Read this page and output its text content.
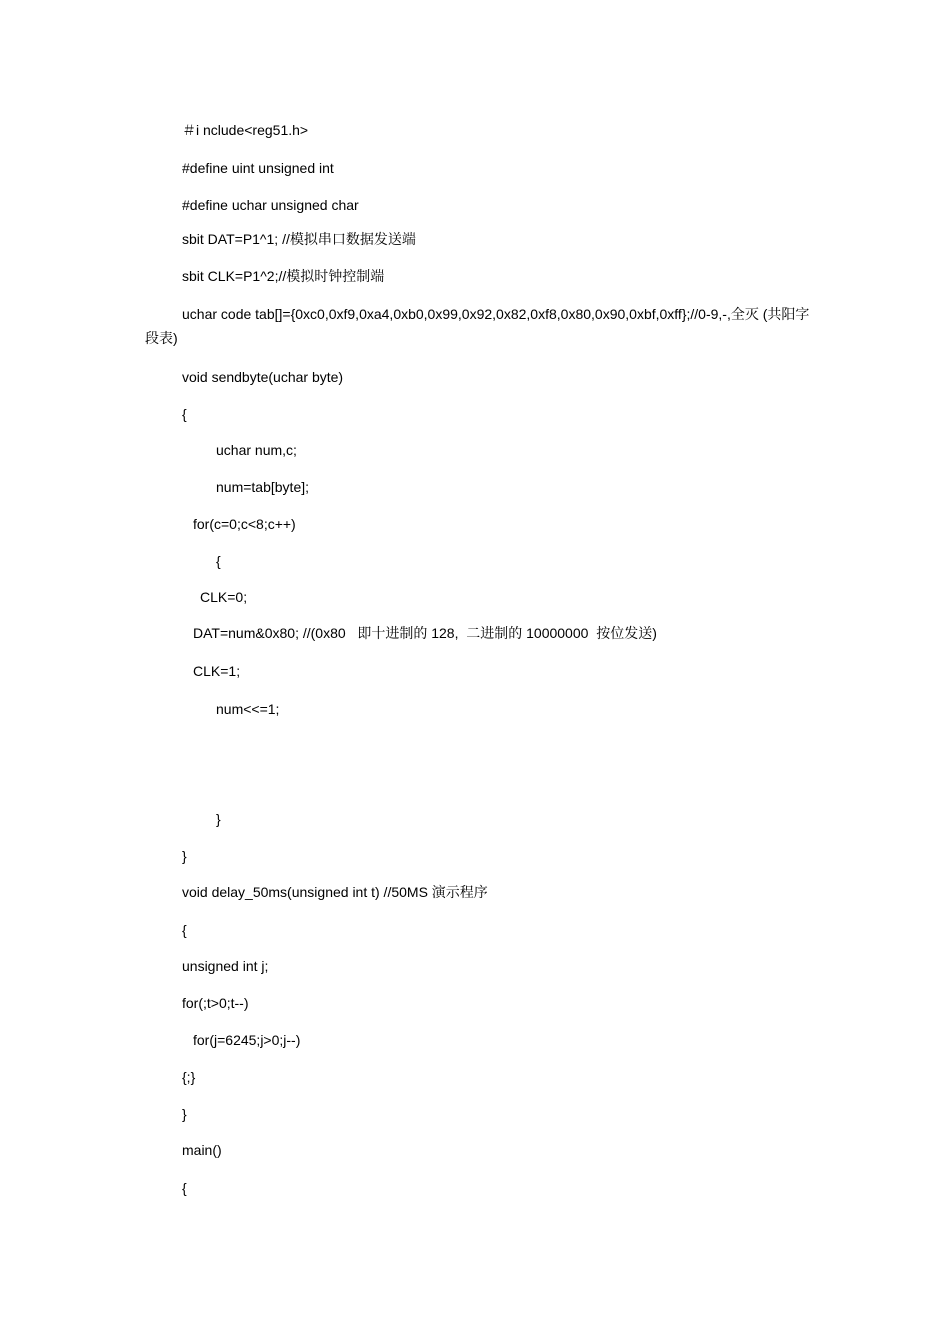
＃i nclude<reg51.h>

#define uint unsigned int

#define uchar unsigned char

sbit DAT=P1^1; //模拟串口数据发送端

sbit CLK=P1^2;//模拟时钟控制端

uchar code tab[]={0xc0,0xf9,0xa4,0xb0,0x99,0x92,0x82,0xf8,0x80,0x90,0xbf,0xff};//0-9,-,全灭 (共阳字段表)

void sendbyte(uchar byte)

{

uchar num,c;

num=tab[byte];

for(c=0;c<8;c++)

{

CLK=0;

DAT=num&0x80; //(0x80   即十进制的 128,  二进制的 10000000  按位发送)

CLK=1;

num<<=1;

}

}

void delay_50ms(unsigned int t) //50MS 演示程序

{

unsigned int j;

for(;t>0;t--)

for(j=6245;j>0;j--)

{;}

}

main()

{
